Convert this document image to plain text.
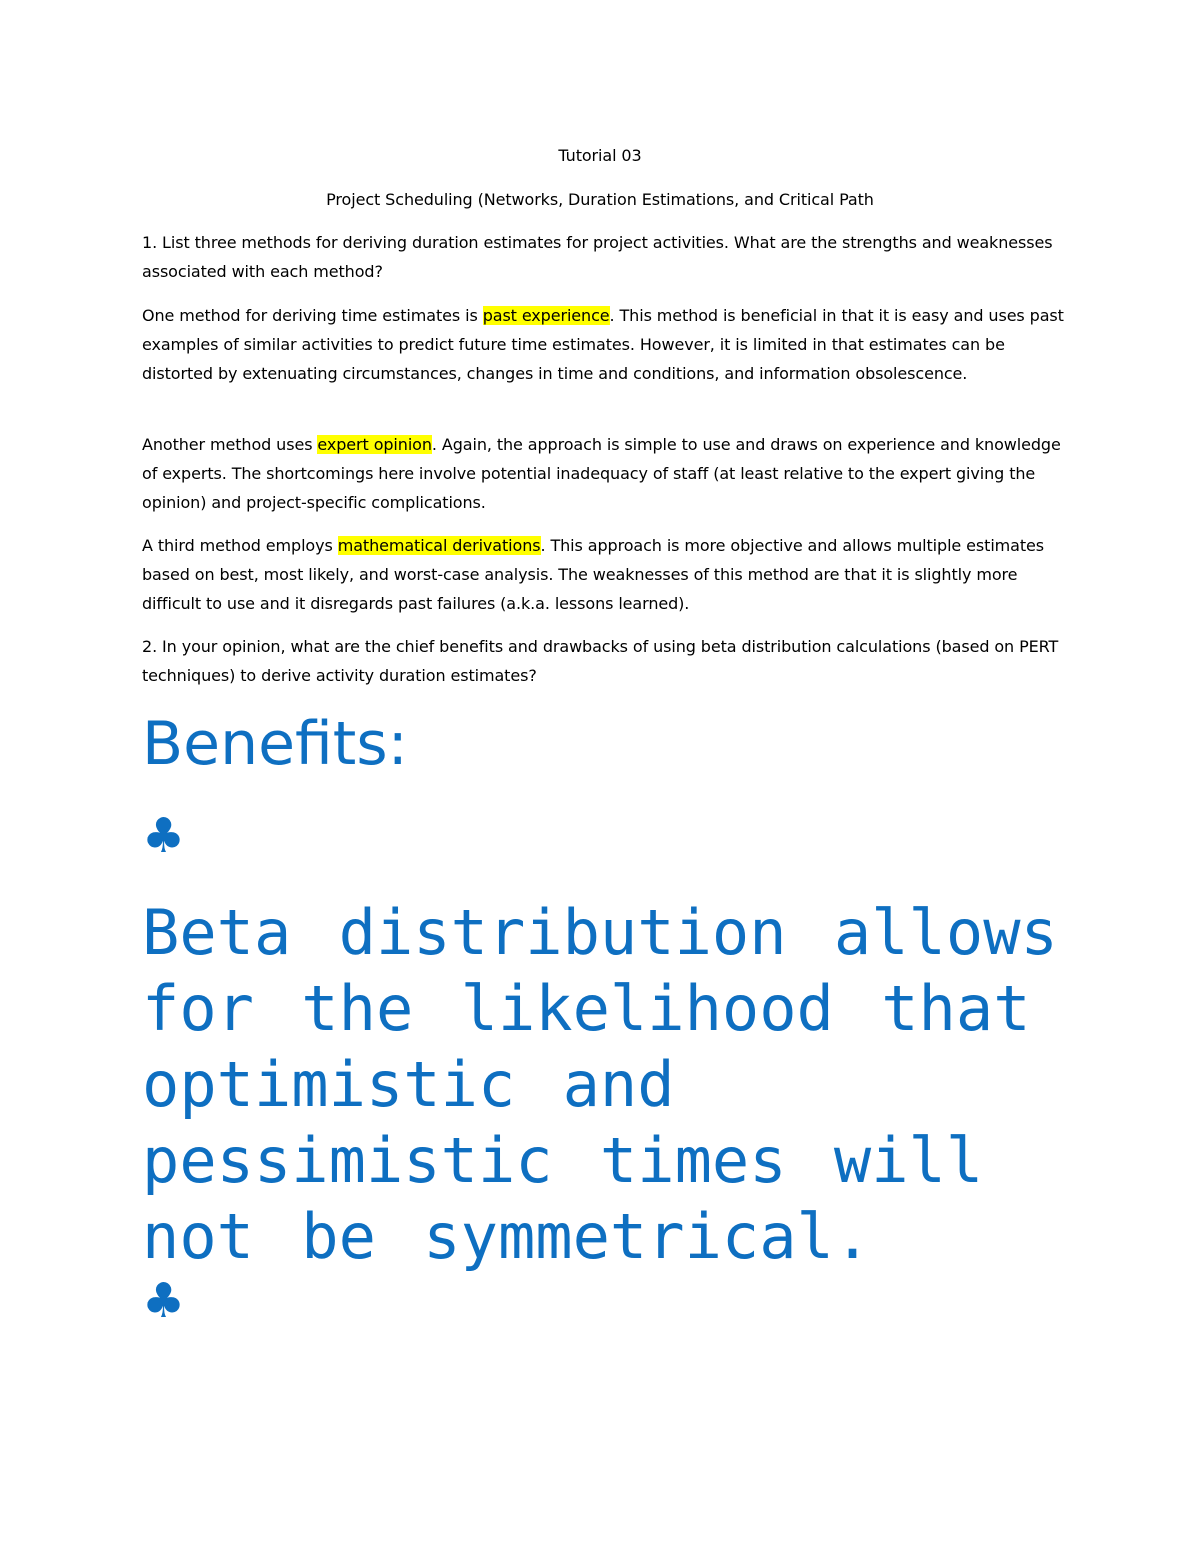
Tutorial 03
Project Scheduling (Networks, Duration Estimations, and Critical Path

1. List three methods for deriving duration estimates for project activities. What are the strengths and weaknesses associated with each method?

One method for deriving time estimates is past experience. This method is beneficial in that it is easy and uses past examples of similar activities to predict future time estimates. However, it is limited in that estimates can be distorted by extenuating circumstances, changes in time and conditions, and information obsolescence.

Another method uses expert opinion. Again, the approach is simple to use and draws on experience and knowledge of experts. The shortcomings here involve potential inadequacy of staff (at least relative to the expert giving the opinion) and project-specific complications.

A third method employs mathematical derivations. This approach is more objective and allows multiple estimates based on best, most likely, and worst-case analysis. The weaknesses of this method are that it is slightly more difficult to use and it disregards past failures (a.k.a. lessons learned).

2. In your opinion, what are the chief benefits and drawbacks of using beta distribution calculations (based on PERT techniques) to derive activity duration estimates?

Benefits:
♣
Beta distribution allows for the likelihood that optimistic and pessimistic times will not be symmetrical.
♣
